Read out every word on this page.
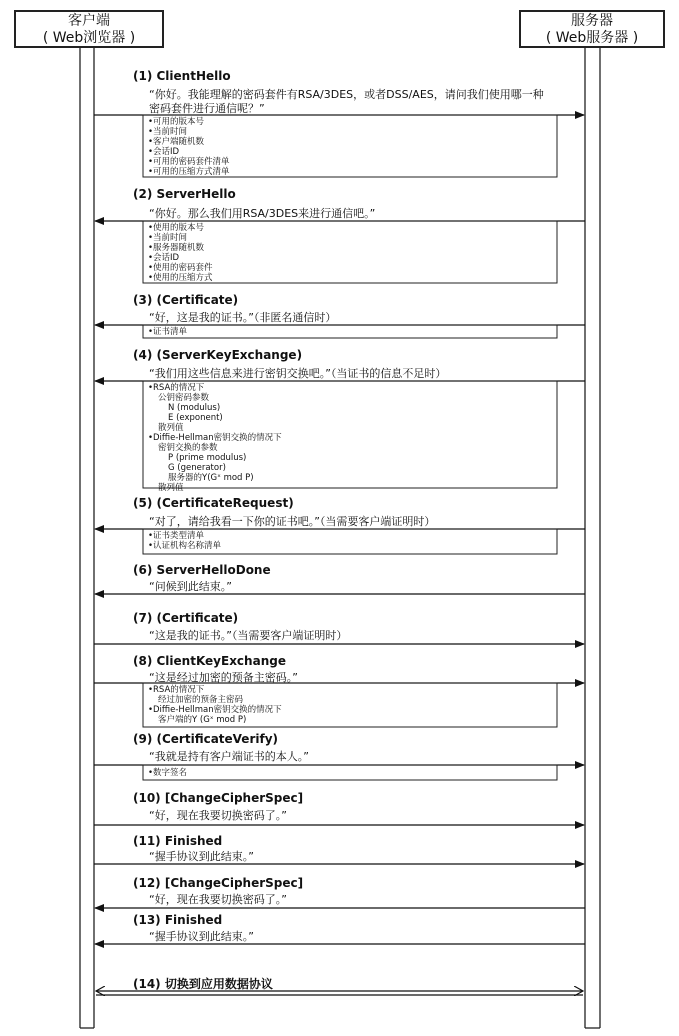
客户端
( Web浏览器 )
服务器
( Web服务器 )
(1) ClientHello
“你好。我能理解的密码套件有RSA/3DES，或者DSS/AES，请问我们使用哪一种
密码套件进行通信呢？”
•可用的版本号
•当前时间
•客户端随机数
•会话ID
•可用的密码套件清单
•可用的压缩方式清单
(2) ServerHello
“你好。那么我们用RSA/3DES来进行通信吧。”
•使用的版本号
•当前时间
•服务器随机数
•会话ID
•使用的密码套件
•使用的压缩方式
(3) (Certificate)
“好，这是我的证书。”（非匿名通信时）
•证书清单
(4) (ServerKeyExchange)
“我们用这些信息来进行密钥交换吧。”（当证书的信息不足时）
•RSA的情况下
公钥密码参数
N (modulus)
E (exponent)
散列值
•Diffie-Hellman密钥交换的情况下
密钥交换的参数
P (prime modulus)
G (generator)
服务器的Y(Gˣ mod P)
散列值
(5) (CertificateRequest)
“对了，请给我看一下你的证书吧。”（当需要客户端证明时）
•证书类型清单
•认证机构名称清单
(6) ServerHelloDone
“问候到此结束。”
(7) (Certificate)
“这是我的证书。”（当需要客户端证明时）
(8) ClientKeyExchange
“这是经过加密的预备主密码。”
•RSA的情况下
经过加密的预备主密码
•Diffie-Hellman密钥交换的情况下
客户端的Y (Gˣ mod P)
(9) (CertificateVerify)
“我就是持有客户端证书的本人。”
•数字签名
(10) [ChangeCipherSpec]
“好，现在我要切换密码了。”
(11) Finished
“握手协议到此结束。”
(12) [ChangeCipherSpec]
“好，现在我要切换密码了。”
(13) Finished
“握手协议到此结束。”
(14) 切换到应用数据协议
